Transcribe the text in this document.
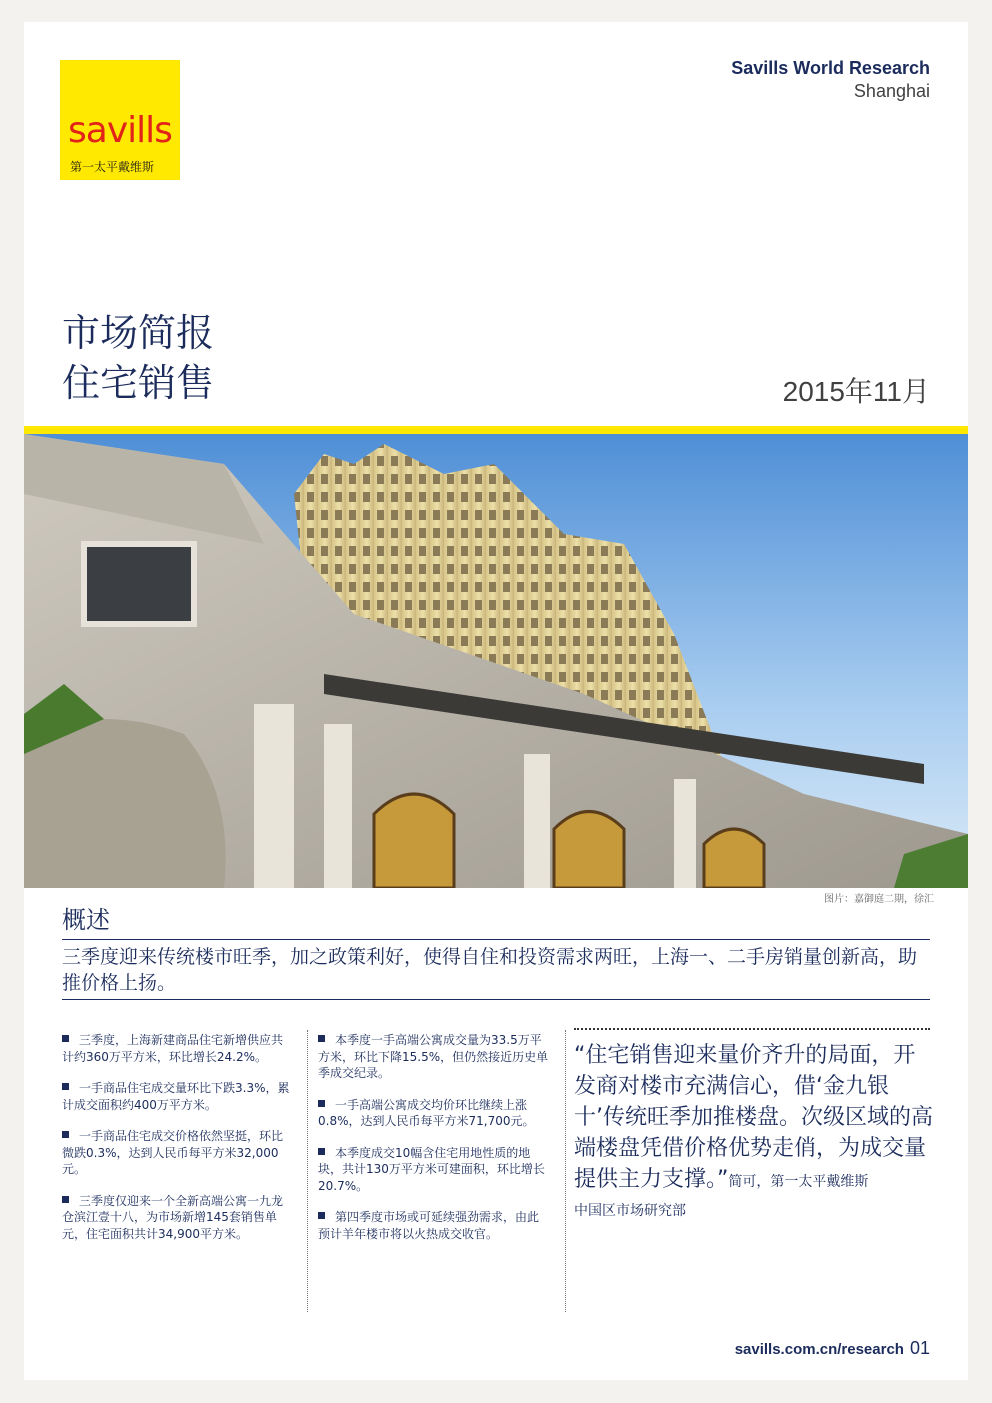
savills
第一太平戴维斯
Savills World Research
Shanghai
市场简报
住宅销售	2015年11月
图片：嘉御庭二期，徐汇
概述
三季度迎来传统楼市旺季，加之政策利好，使得自住和投资需求两旺，上海一、二手房销量创新高，助推价格上扬。
三季度，上海新建商品住宅新增供应共计约360万平方米，环比增长24.2%。
一手商品住宅成交量环比下跌3.3%，累计成交面积约400万平方米。
一手商品住宅成交价格依然坚挺，环比微跌0.3%，达到人民币每平方米32,000元。
三季度仅迎来一个全新高端公寓一九龙仓滨江壹十八，为市场新增145套销售单元，住宅面积共计34,900平方米。
本季度一手高端公寓成交量为33.5万平方米，环比下降15.5%，但仍然接近历史单季成交纪录。
一手高端公寓成交均价环比继续上涨0.8%，达到人民币每平方米71,700元。
本季度成交10幅含住宅用地性质的地块，共计130万平方米可建面积，环比增长20.7%。
第四季度市场或可延续强劲需求，由此预计羊年楼市将以火热成交收官。
“住宅销售迎来量价齐升的局面，开发商对楼市充满信心，借‘金九银十’传统旺季加推楼盘。次级区域的高端楼盘凭借价格优势走俏，为成交量提供主力支撑。”简可，第一太平戴维斯
中国区市场研究部
savills.com.cn/research 01
